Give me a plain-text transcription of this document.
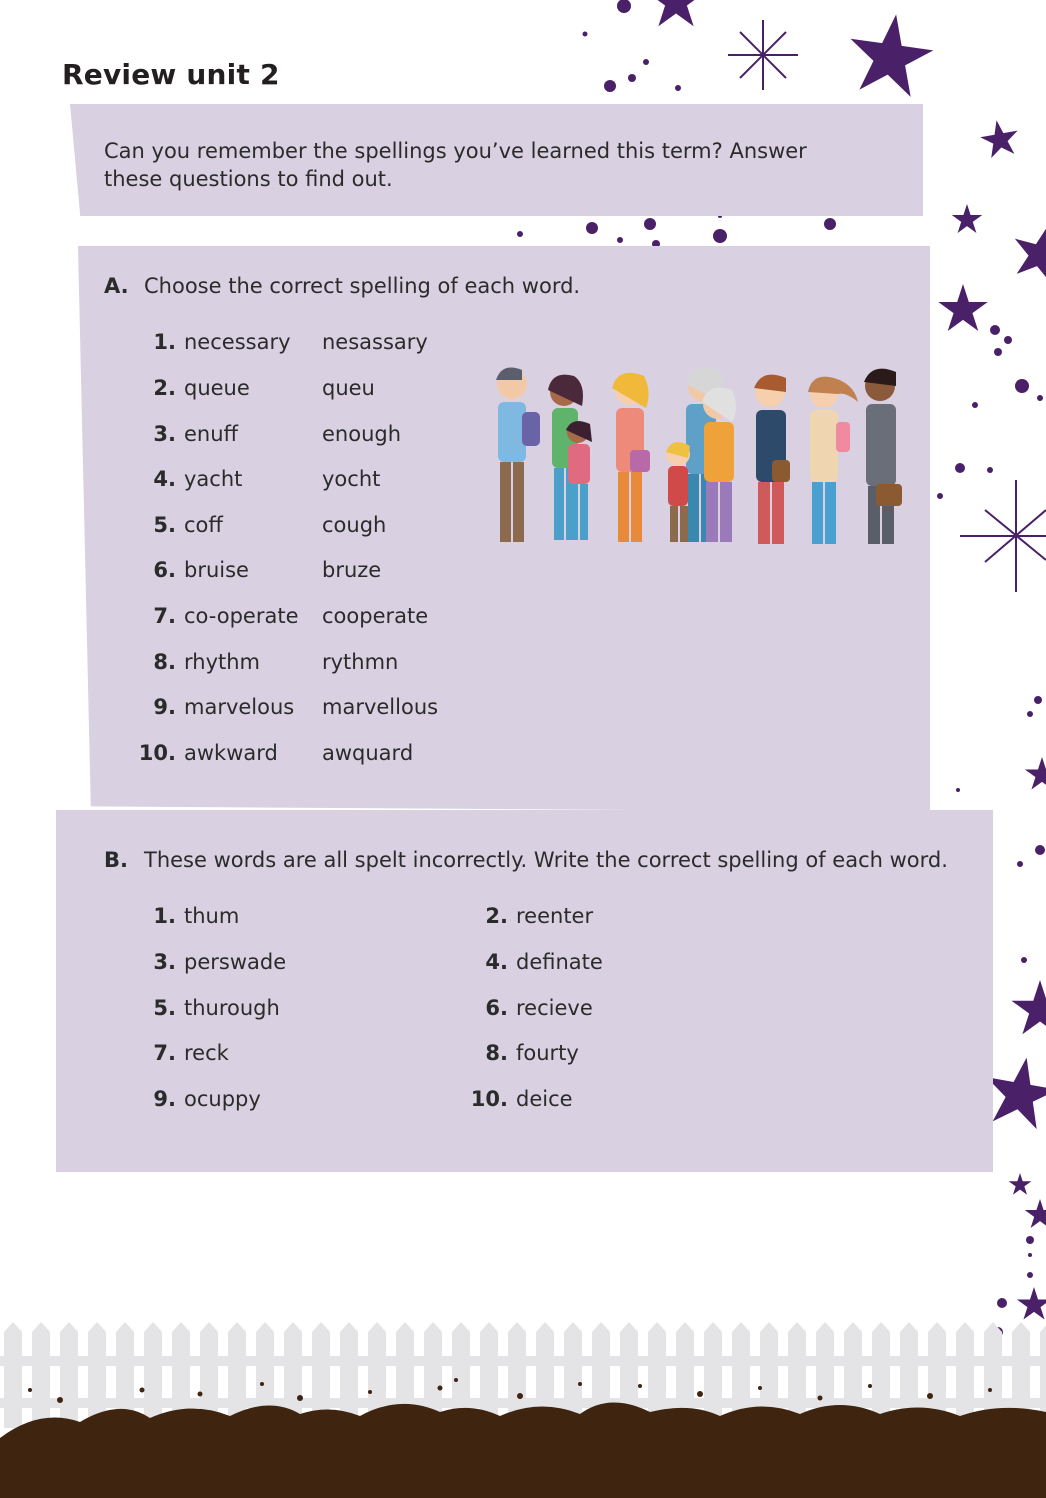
Review unit 2
Can you remember the spellings you’ve learned this term? Answer these questions to find out.
A. Choose the correct spelling of each word.
1. necessary nesassary
2. queue	queu
3. enuff	enough
4. yacht	yocht
5. coff	cough
6. bruise	bruze
7. co-operate cooperate
8. rhythm	rythmn
9. marvelous marvellous
10. awkward awquard
B. These words are all spelt incorrectly. Write the correct spelling of each word.
1. thum	2. reenter
3. perswade	4. definate
5. thurough	6. recieve
7. reck	8. fourty
9. ocuppy	10. deice
